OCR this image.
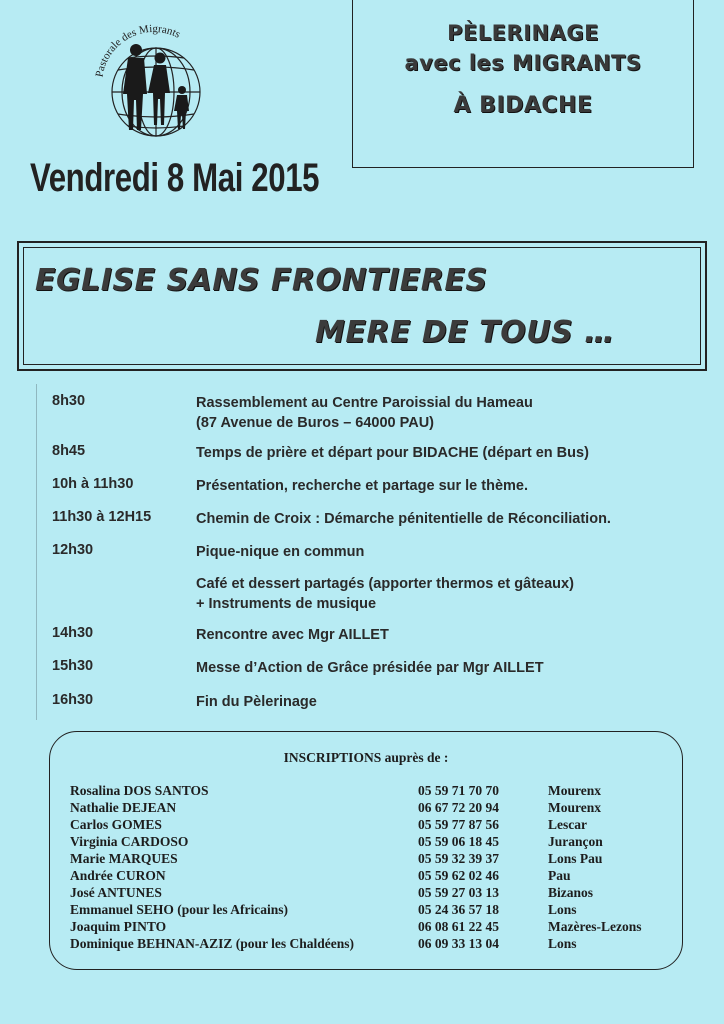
Pastorale des Migrants	PÈLERINAGE
avec les MIGRANTS
À BIDACHE
Vendredi 8 Mai 2015
EGLISE SANS FRONTIERES
MERE DE TOUS …
8h30	Rassemblement au Centre Paroissial du Hameau
(87 Avenue de Buros – 64000 PAU)
8h45	Temps de prière et départ pour BIDACHE (départ en Bus)
10h à 11h30	Présentation, recherche et partage sur le thème.
11h30 à 12H15	Chemin de Croix : Démarche pénitentielle de Réconciliation.
12h30	Pique-nique en commun
Café et dessert partagés (apporter thermos et gâteaux)
+ Instruments de musique
14h30	Rencontre avec Mgr AILLET
15h30	Messe d’Action de Grâce présidée par Mgr AILLET
16h30	Fin du Pèlerinage
INSCRIPTIONS auprès de :
Rosalina DOS SANTOS	05 59 71 70 70	Mourenx
Nathalie DEJEAN	06 67 72 20 94	Mourenx
Carlos GOMES	05 59 77 87 56	Lescar
Virginia CARDOSO	05 59 06 18 45	Jurançon
Marie MARQUES	05 59 32 39 37	Lons Pau
Andrée CURON	05 59 62 02 46	Pau
José ANTUNES	05 59 27 03 13	Bizanos
Emmanuel SEHO (pour les Africains)	05 24 36 57 18	Lons
Joaquim PINTO	06 08 61 22 45	Mazères-Lezons
Dominique BEHNAN-AZIZ (pour les Chaldéens)	06 09 33 13 04	Lons
